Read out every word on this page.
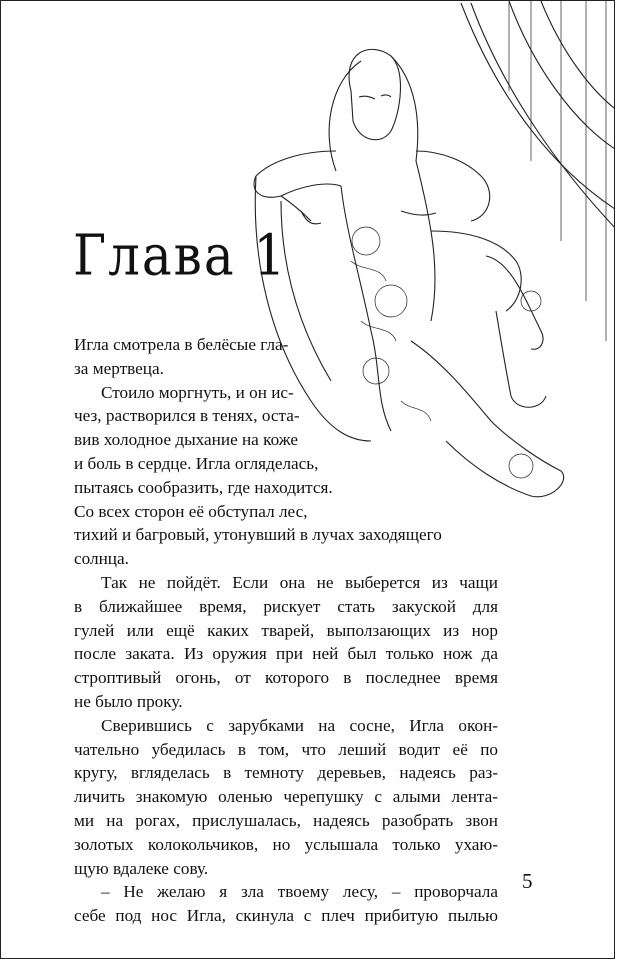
Глава 1
Игла смотрела в белёсые гла-
за мертвеца.
Стоило моргнуть, и он ис-
чез, растворился в тенях, оста-
вив холодное дыхание на коже
и боль в сердце. Игла огляделась,
пытаясь сообразить, где находится.
Со всех сторон её обступал лес,
тихий и багровый, утонувший в лучах заходящего
солнца.
Так не пойдёт. Если она не выберется из чащи
в ближайшее время, рискует стать закуской для
гулей или ещё каких тварей, выползающих из нор
после заката. Из оружия при ней был только нож да
строптивый огонь, от которого в последнее время
не было проку.
Сверившись с зарубками на сосне, Игла окон-
чательно убедилась в том, что леший водит её по
кругу, вгляделась в темноту деревьев, надеясь раз-
личить знакомую оленью черепушку с алыми лента-
ми на рогах, прислушалась, надеясь разобрать звон
золотых колокольчиков, но услышала только ухаю-
щую вдалеке сову.
– Не желаю я зла твоему лесу, – проворчала
себе под нос Игла, скинула с плеч прибитую пылью
5
